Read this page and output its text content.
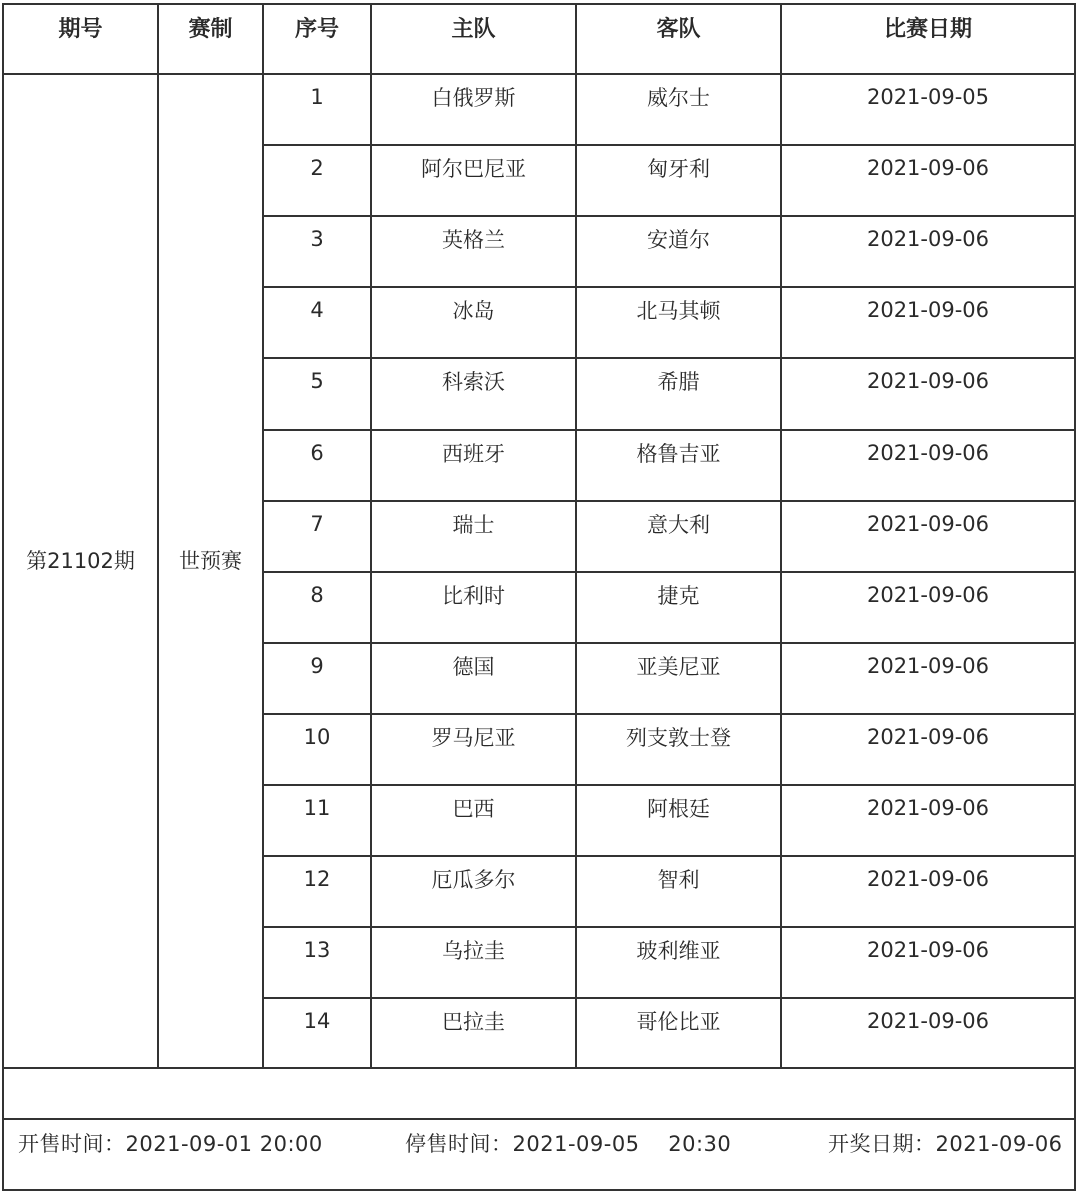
期号	赛制	序号	主队	客队	比赛日期
第21102期	世预赛
1	白俄罗斯	威尔士	2021-09-05
2	阿尔巴尼亚	匈牙利	2021-09-06
3	英格兰	安道尔	2021-09-06
4	冰岛	北马其顿	2021-09-06
5	科索沃	希腊	2021-09-06
6	西班牙	格鲁吉亚	2021-09-06
7	瑞士	意大利	2021-09-06
8	比利时	捷克	2021-09-06
9	德国	亚美尼亚	2021-09-06
10	罗马尼亚	列支敦士登	2021-09-06
11	巴西	阿根廷	2021-09-06
12	厄瓜多尔	智利	2021-09-06
13	乌拉圭	玻利维亚	2021-09-06
14	巴拉圭	哥伦比亚	2021-09-06
开售时间：2021-09-01 20:00	停售时间：2021-09-05    20:30	开奖日期：2021-09-06
